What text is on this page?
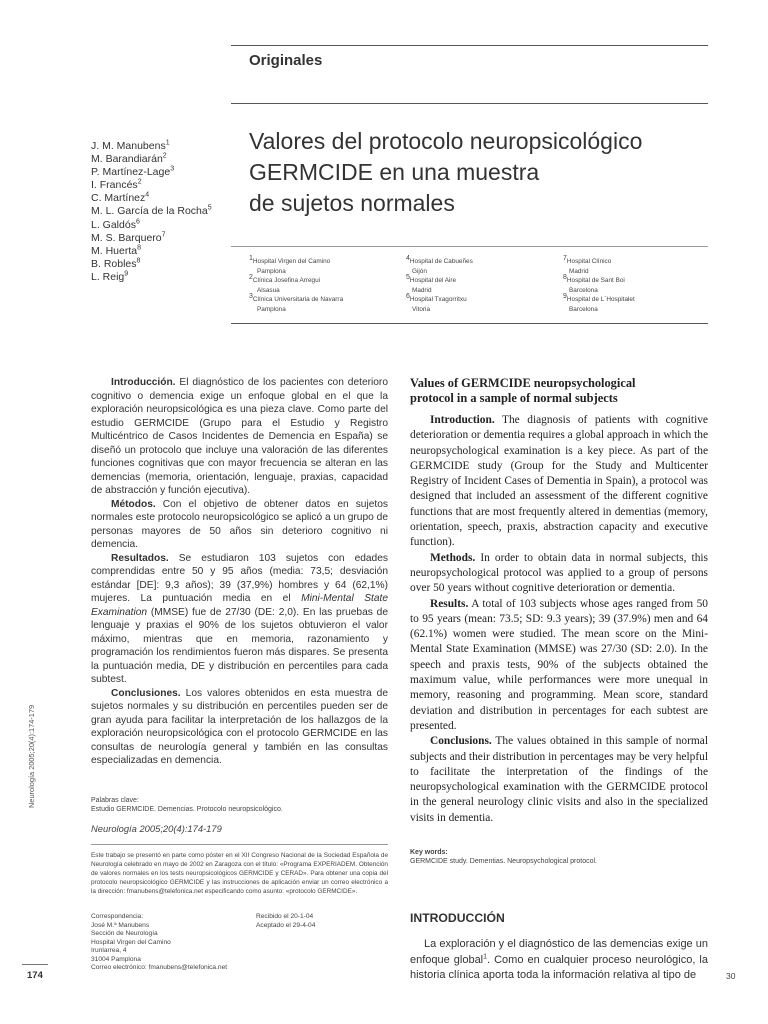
Originales
J. M. Manubens$^1$
M. Barandiarán$^2$
P. Martínez-Lage$^3$
I. Francés$^2$
C. Martínez$^4$
M. L. García de la Rocha$^5$
L. Galdós$^6$
M. S. Barquero$^7$
M. Huerta$^8$
B. Robles$^8$
L. Reig$^9$
Valores del protocolo neuropsicológico
GERMCIDE en una muestra
de sujetos normales
$^1$Hospital Virgen del Camino
Pamplona
$^2$Clínica Josefina Arregui
Alsasua
$^3$Clínica Universitaria de Navarra
Pamplona
$^4$Hospital de Cabueñes
Gijón
$^5$Hospital del Aire
Madrid
$^6$Hospital Txagorritxu
Vitoria
$^7$Hospital Clínico
Madrid
$^8$Hospital de Sant Boi
Barcelona
$^9$Hospital de L´Hospitalet
Barcelona

Introducción. El diagnóstico de los pacientes con deterioro cognitivo o demencia exige un enfoque global en el que la exploración neuropsicológica es una pieza clave. Como parte del estudio GERMCIDE (Grupo para el Estudio y Registro Multicéntrico de Casos Incidentes de Demencia en España) se diseñó un protocolo que incluye una valoración de las diferentes funciones cognitivas que con mayor frecuencia se alteran en las demencias (memoria, orientación, lenguaje, praxias, capacidad de abstracción y función ejecutiva).

Métodos. Con el objetivo de obtener datos en sujetos normales este protocolo neuropsicológico se aplicó a un grupo de personas mayores de 50 años sin deterioro cognitivo ni demencia.

Resultados. Se estudiaron 103 sujetos con edades comprendidas entre 50 y 95 años (media: 73,5; desviación estándar [DE]: 9,3 años); 39 (37,9%) hombres y 64 (62,1%) mujeres. La puntuación media en el Mini-Mental State Examination (MMSE) fue de 27/30 (DE: 2,0). En las pruebas de lenguaje y praxias el 90% de los sujetos obtuvieron el valor máximo, mientras que en memoria, razonamiento y programación los rendimientos fueron más dispares. Se presenta la puntuación media, DE y distribución en percentiles para cada subtest.

Conclusiones. Los valores obtenidos en esta muestra de sujetos normales y su distribución en percentiles pueden ser de gran ayuda para facilitar la interpretación de los hallazgos de la exploración neuropsicológica con el protocolo GERMCIDE en las consultas de neurología general y también en las consultas especializadas en demencia.

Palabras clave:
Estudio GERMCIDE. Demencias. Protocolo neuropsicológico.
Neurología 2005;20(4):174-179
Este trabajo se presentó en parte como póster en el XII Congreso Nacional de la Sociedad Española de Neurología celebrado en mayo de 2002 en Zaragoza con el título: «Programa EXPERIADEM. Obtención de valores normales en los tests neuropsicológicos GERMCIDE y CERAD». Para obtener una copia del protocolo neuropsicológico GERMCIDE y las instrucciones de aplicación enviar un correo electrónico a la dirección: fmanubens@telefonica.net especificando como asunto: «protocolo GERMCIDE».
Correspondencia:
José M.ª Manubens
Sección de Neurología
Hospital Virgen del Camino
Irunlarrea, 4
31004 Pamplona
Correo electrónico: fmanubens@telefonica.net
Recibido el 20-1-04
Aceptado el 29-4-04

Values of GERMCIDE neuropsychological
protocol in a sample of normal subjects

Introduction. The diagnosis of patients with cognitive deterioration or dementia requires a global approach in which the neuropsychological examination is a key piece. As part of the GERMCIDE study (Group for the Study and Multicenter Registry of Incident Cases of Dementia in Spain), a protocol was designed that included an assessment of the different cognitive functions that are most frequently altered in dementias (memory, orientation, speech, praxis, abstraction capacity and executive function).

Methods. In order to obtain data in normal subjects, this neuropsychological protocol was applied to a group of persons over 50 years without cognitive deterioration or dementia.

Results. A total of 103 subjects whose ages ranged from 50 to 95 years (mean: 73.5; SD: 9.3 years); 39 (37.9%) men and 64 (62.1%) women were studied. The mean score on the Mini-Mental State Examination (MMSE) was 27/30 (SD: 2.0). In the speech and praxis tests, 90% of the subjects obtained the maximum value, while performances were more unequal in memory, reasoning and programming. Mean score, standard deviation and distribution in percentages for each subtest are presented.

Conclusions. The values obtained in this sample of normal subjects and their distribution in percentages may be very helpful to facilitate the interpretation of the findings of the neuropsychological examination with the GERMCIDE protocol in the general neurology clinic visits and also in the specialized visits in dementia.

Key words:
GERMCIDE study. Dementias. Neuropsychological protocol.
INTRODUCCIÓN

La exploración y el diagnóstico de las demencias exige un enfoque global$^1$. Como en cualquier proceso neurológico, la historia clínica aporta toda la información relativa al tipo de

Neurología 2005;20(4):174-179
174	30
